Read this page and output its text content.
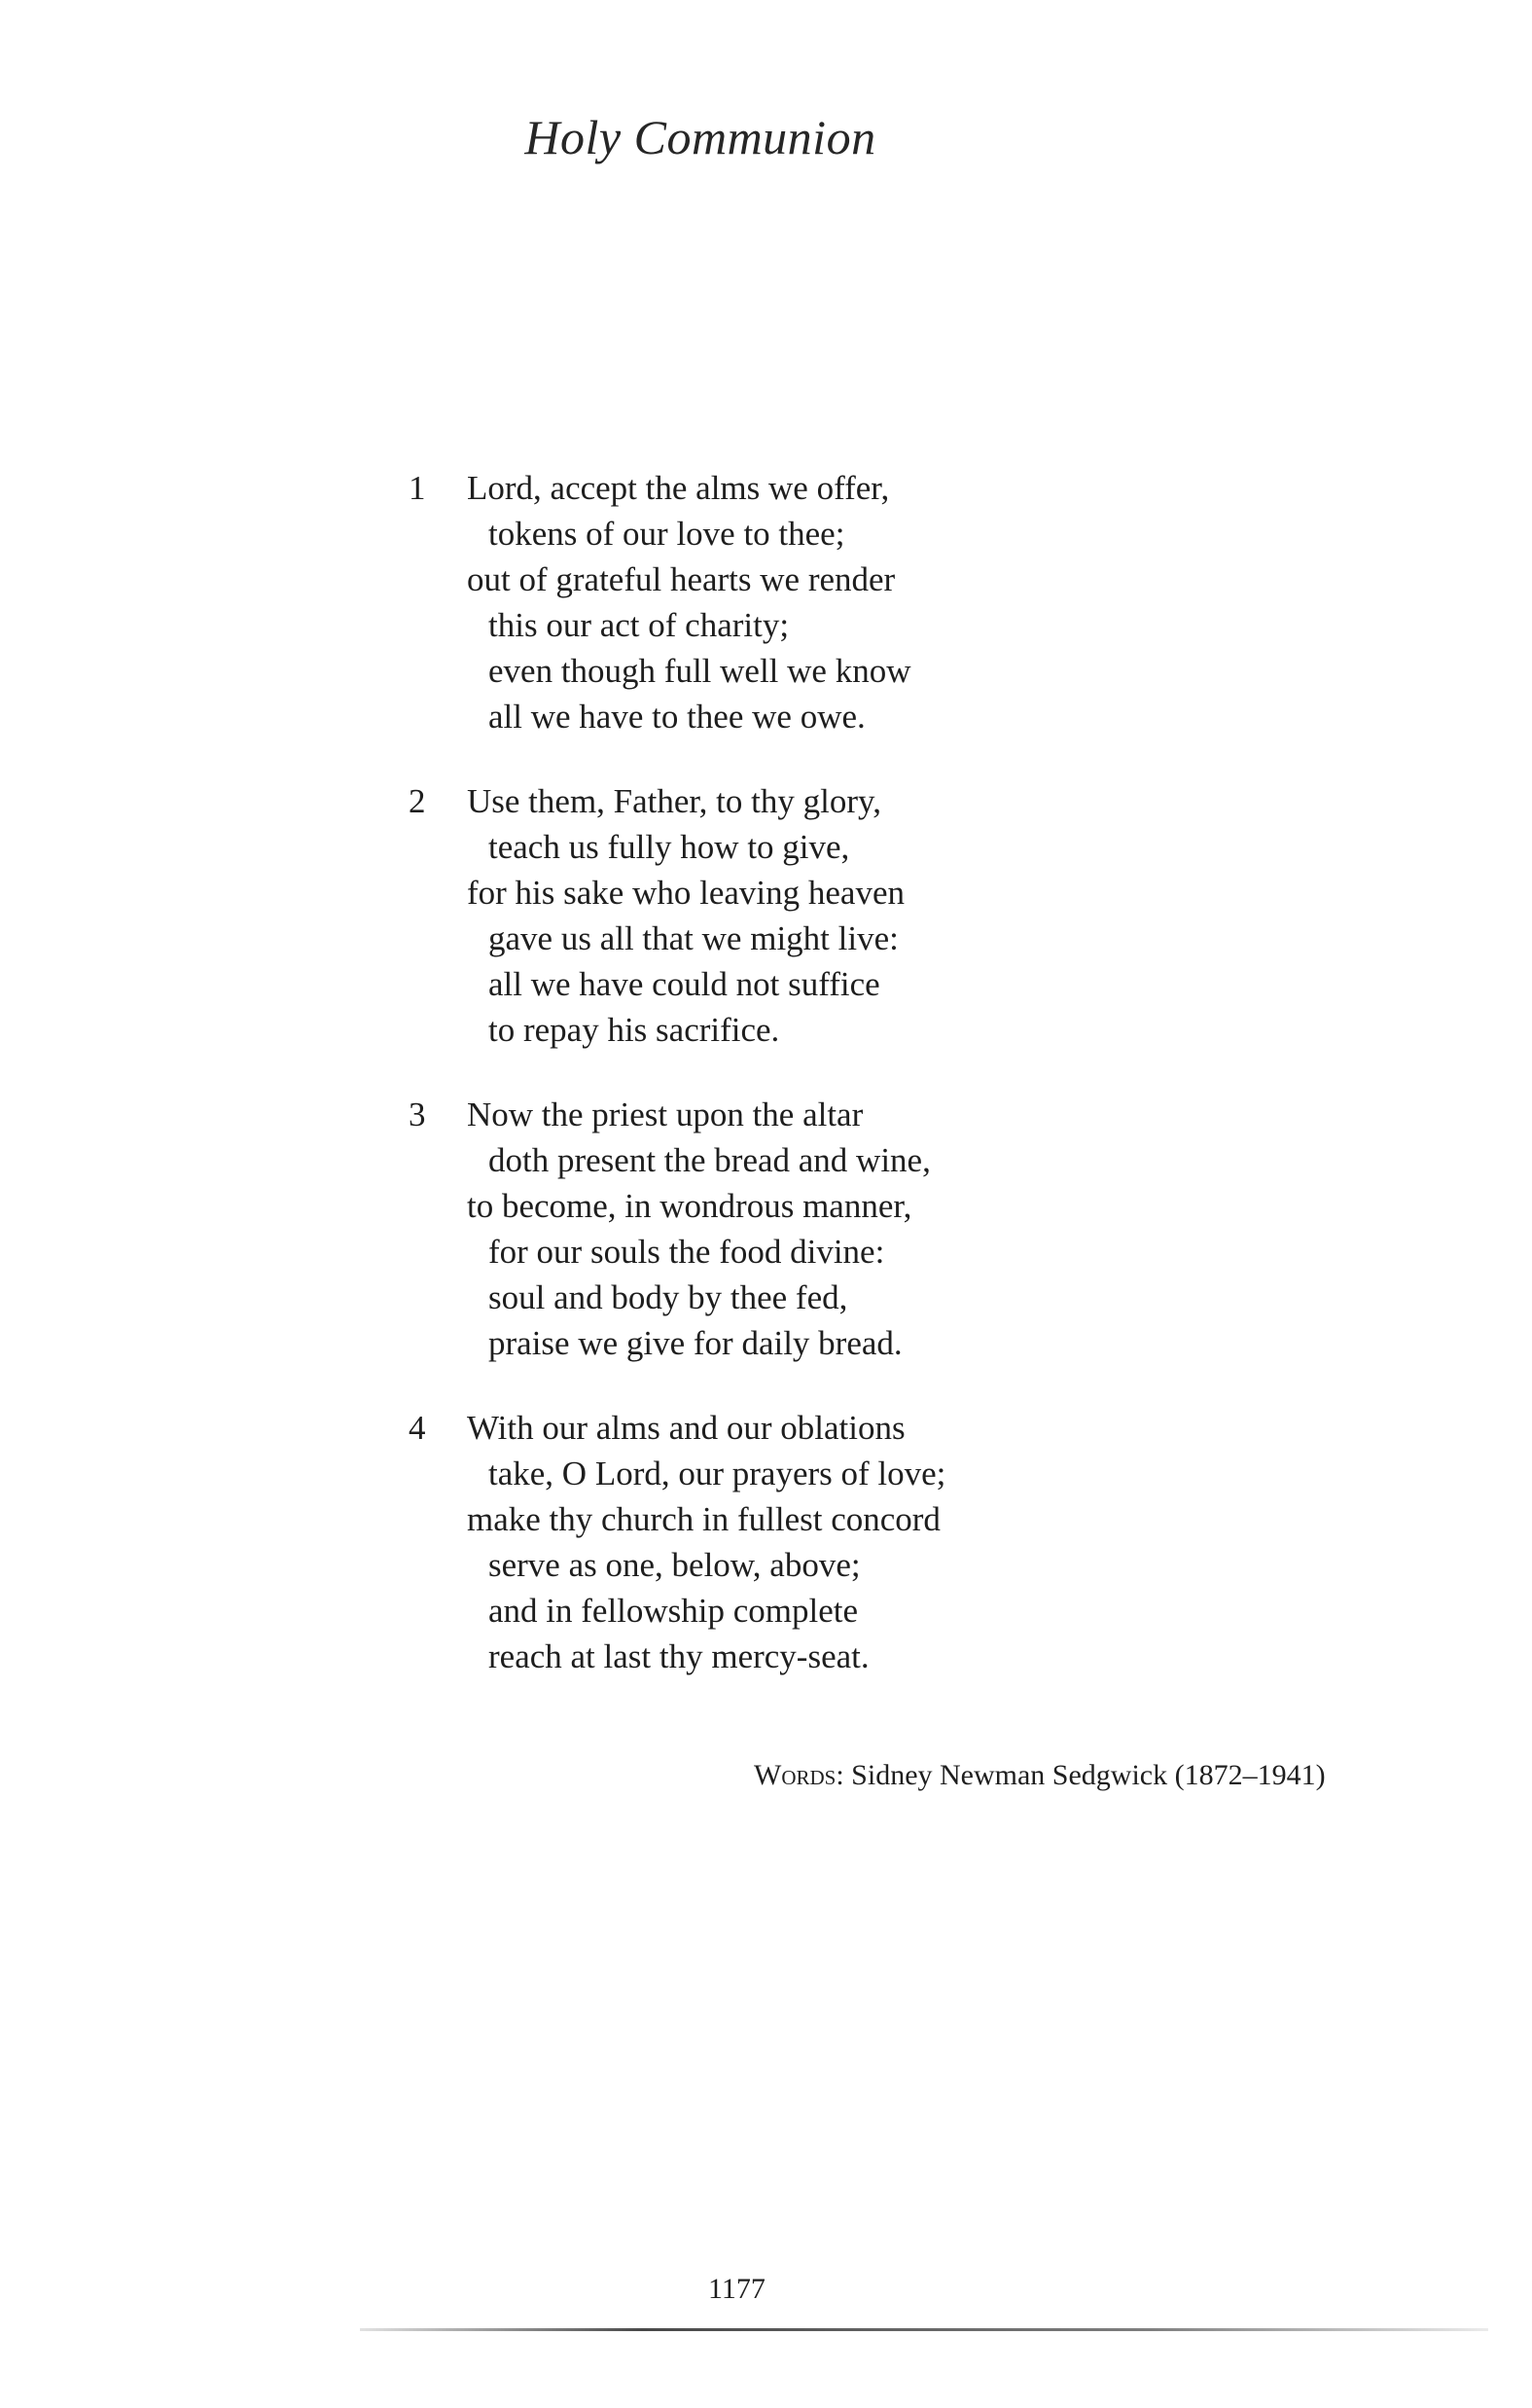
Holy Communion
1 Lord, accept the alms we offer,
tokens of our love to thee;
out of grateful hearts we render
this our act of charity;
even though full well we know
all we have to thee we owe.
2 Use them, Father, to thy glory,
teach us fully how to give,
for his sake who leaving heaven
gave us all that we might live:
all we have could not suffice
to repay his sacrifice.
3 Now the priest upon the altar
doth present the bread and wine,
to become, in wondrous manner,
for our souls the food divine:
soul and body by thee fed,
praise we give for daily bread.
4 With our alms and our oblations
take, O Lord, our prayers of love;
make thy church in fullest concord
serve as one, below, above;
and in fellowship complete
reach at last thy mercy-seat.
Words: Sidney Newman Sedgwick (1872–1941)
1177
